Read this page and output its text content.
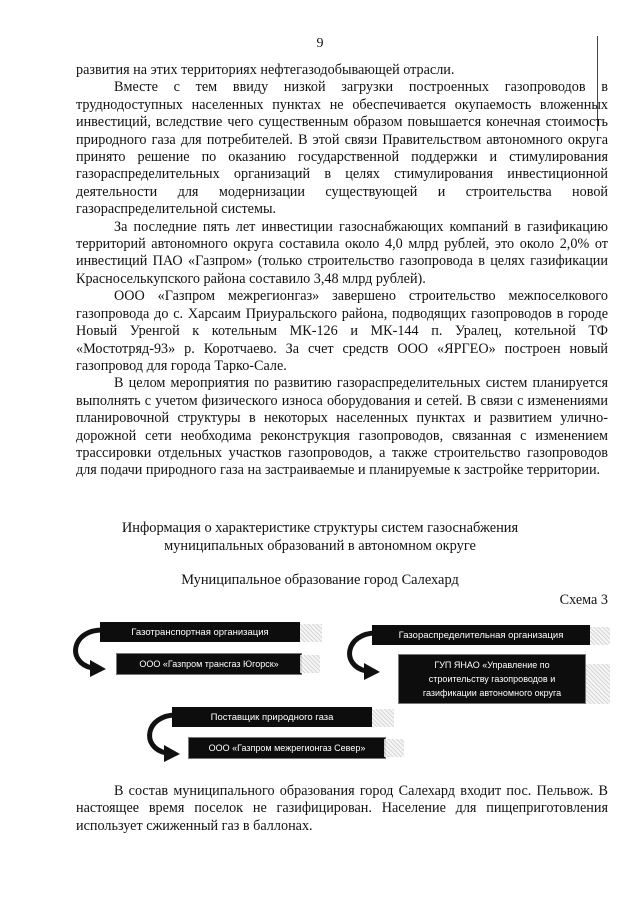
9

развития на этих территориях нефтегазодобывающей отрасли.

Вместе с тем ввиду низкой загрузки построенных газопроводов в труднодоступных населенных пунктах не обеспечивается окупаемость вложенных инвестиций, вследствие чего существенным образом повышается конечная стоимость природного газа для потребителей. В этой связи Правительством автономного округа принято решение по оказанию государственной поддержки и стимулирования газораспределительных организаций в целях стимулирования инвестиционной деятельности для модернизации существующей и строительства новой газораспределительной системы.

За последние пять лет инвестиции газоснабжающих компаний в газификацию территорий автономного округа составила около 4,0 млрд рублей, это около 2,0% от инвестиций ПАО «Газпром» (только строительство газопровода в целях газификации Красноселькупского района составило 3,48 млрд рублей).

ООО «Газпром межрегионгаз» завершено строительство межпоселкового газопровода до с. Харсаим Приуральского района, подводящих газопроводов в городе Новый Уренгой к котельным МК-126 и МК-144 п. Уралец, котельной ТФ «Мостотряд-93» р. Коротчаево. За счет средств ООО «ЯРГЕО» построен новый газопровод для города Тарко-Сале.

В целом мероприятия по развитию газораспределительных систем планируется выполнять с учетом физического износа оборудования и сетей. В связи с изменениями планировочной структуры в некоторых населенных пунктах и развитием улично-дорожной сети необходима реконструкция газопроводов, связанная с изменением трассировки отдельных участков газопроводов, а также строительство газопроводов для подачи природного газа на застраиваемые и планируемые к застройке территории.

Информация о характеристике структуры систем газоснабжения
муниципальных образований в автономном округе
Муниципальное образование город Салехард
Схема 3
Газотранспортная организация
ООО «Газпром трансгаз Югорск»
Газораспределительная организация
ГУП ЯНАО «Управление по строительству газопроводов и газификации автономного округа
Поставщик природного газа
ООО «Газпром межрегионгаз Север»

В состав муниципального образования город Салехард входит пос. Пельвож. В настоящее время поселок не газифицирован. Население для пищеприготовления использует сжиженный газ в баллонах.
